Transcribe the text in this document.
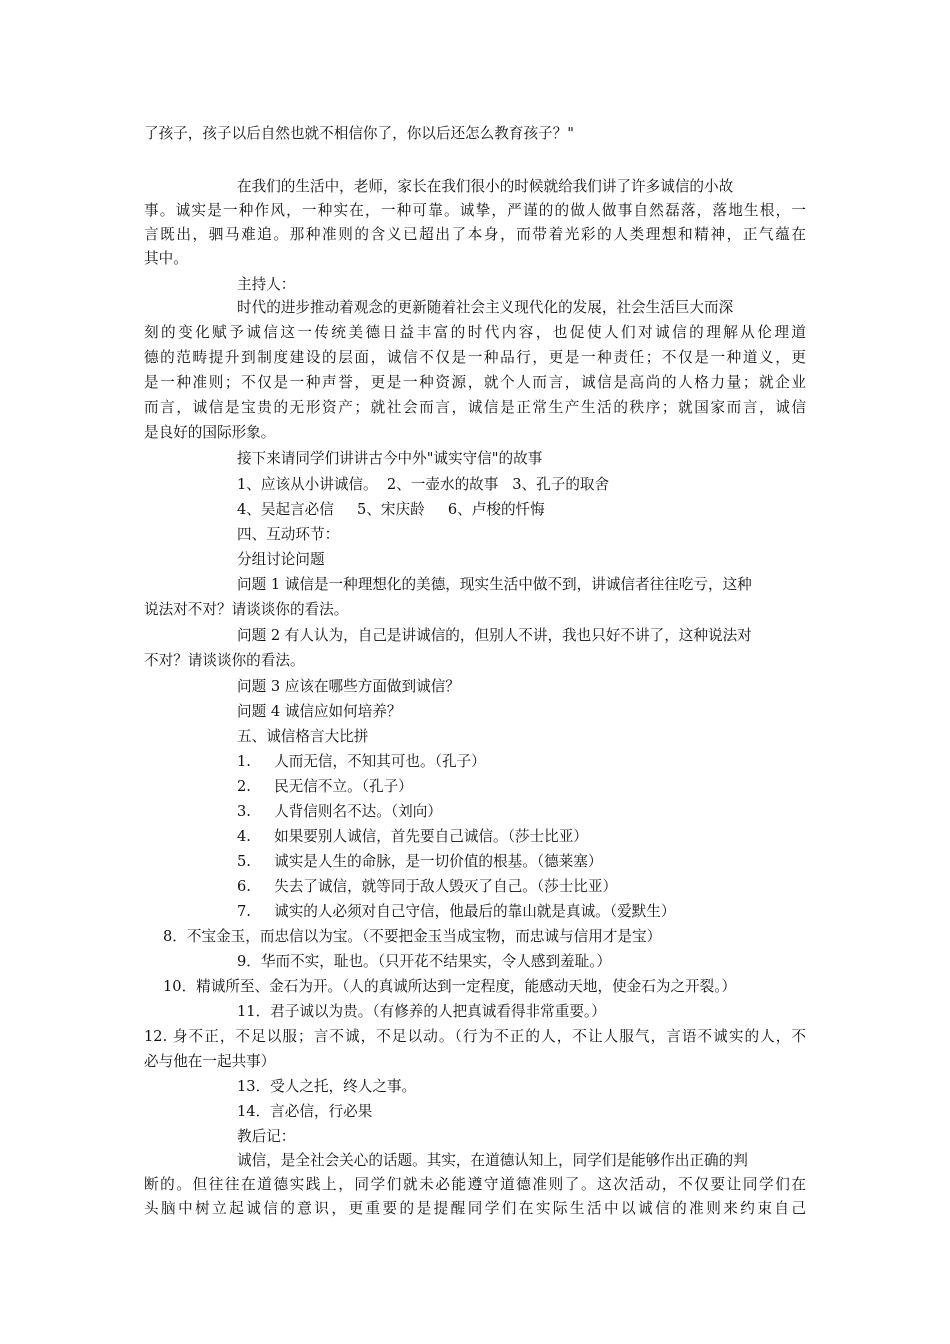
了孩子，孩子以后自然也就不相信你了，你以后还怎么教育孩子？"
在我们的生活中，老师，家长在我们很小的时候就给我们讲了许多诚信的小故
事。诚实是一种作风，一种实在，一种可靠。诚挚，严谨的的做人做事自然磊落，落地生根，一
言既出，驷马难追。那种准则的含义已超出了本身，而带着光彩的人类理想和精神，正气蕴在
其中。
主持人：
时代的进步推动着观念的更新随着社会主义现代化的发展，社会生活巨大而深
刻的变化赋予诚信这一传统美德日益丰富的时代内容，也促使人们对诚信的理解从伦理道
德的范畴提升到制度建设的层面，诚信不仅是一种品行，更是一种责任；不仅是一种道义，更
是一种准则；不仅是一种声誉，更是一种资源，就个人而言，诚信是高尚的人格力量；就企业
而言，诚信是宝贵的无形资产；就社会而言，诚信是正常生产生活的秩序；就国家而言，诚信
是良好的国际形象。
接下来请同学们讲讲古今中外"诚实守信"的故事
1、应该从小讲诚信。  2、一壶水的故事   3、孔子的取舍
4、吴起言必信     5、宋庆龄     6、卢梭的忏悔
四、互动环节：
分组讨论问题
问题 1 诚信是一种理想化的美德，现实生活中做不到，讲诚信者往往吃亏，这种
说法对不对？请谈谈你的看法。
问题 2 有人认为，自己是讲诚信的，但别人不讲，我也只好不讲了，这种说法对
不对？请谈谈你的看法。
问题 3 应该在哪些方面做到诚信？
问题 4 诚信应如何培养？
五、诚信格言大比拼
1.     人而无信，不知其可也。（孔子）
2.     民无信不立。（孔子）
3.     人背信则名不达。（刘向）
4.     如果要别人诚信，首先要自己诚信。（莎士比亚）
5.     诚实是人生的命脉，是一切价值的根基。（德莱塞）
6.     失去了诚信，就等同于敌人毁灭了自己。（莎士比亚）
7.     诚实的人必须对自己守信，他最后的靠山就是真诚。（爱默生）
8．不宝金玉，而忠信以为宝。（不要把金玉当成宝物，而忠诚与信用才是宝）
9．华而不实，耻也。（只开花不结果实，令人感到羞耻。）
10．精诚所至、金石为开。（人的真诚所达到一定程度，能感动天地，使金石为之开裂。）
11．君子诚以为贵。（有修养的人把真诚看得非常重要。）
12. 身不正，不足以服；言不诚，不足以动。（行为不正的人，不让人服气，言语不诚实的人，不
必与他在一起共事）
13．受人之托，终人之事。
14．言必信，行必果
教后记：
诚信，是全社会关心的话题。其实，在道德认知上，同学们是能够作出正确的判
断的。但往往在道德实践上，同学们就未必能遵守道德准则了。这次活动，不仅要让同学们在
头脑中树立起诚信的意识，更重要的是提醒同学们在实际生活中以诚信的准则来约束自己
